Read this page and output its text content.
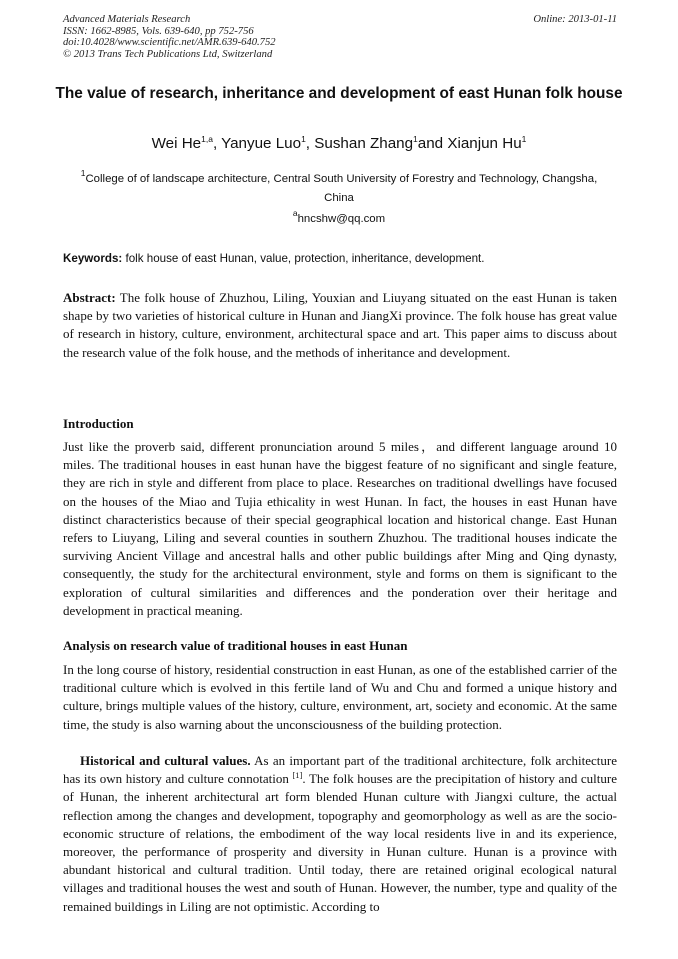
Advanced Materials Research
ISSN: 1662-8985, Vols. 639-640, pp 752-756
doi:10.4028/www.scientific.net/AMR.639-640.752
© 2013 Trans Tech Publications Ltd, Switzerland
Online: 2013-01-11
The value of research, inheritance and development of east Hunan folk house
Wei He$^{1,a}$, Yanyue Luo$^1$, Sushan Zhang$^1$and Xianjun Hu$^1$
$^1$College of of landscape architecture, Central South University of Forestry and Technology, Changsha, China
$^a$hncshw@qq.com
Keywords: folk house of east Hunan, value, protection, inheritance, development.
Abstract: The folk house of Zhuzhou, Liling, Youxian and Liuyang situated on the east Hunan is taken shape by two varieties of historical culture in Hunan and JiangXi province. The folk house has great value of research in history, culture, environment, architectural space and art. This paper aims to discuss about the research value of the folk house, and the methods of inheritance and development.
Introduction
Just like the proverb said, different pronunciation around 5 miles，and different language around 10 miles. The traditional houses in east hunan have the biggest feature of no significant and single feature, they are rich in style and different from place to place. Researches on traditional dwellings have focused on the houses of the Miao and Tujia ethicality in west Hunan. In fact, the houses in east Hunan have distinct characteristics because of their special geographical location and historical change. East Hunan refers to Liuyang, Liling and several counties in southern Zhuzhou. The traditional houses indicate the surviving Ancient Village and ancestral halls and other public buildings after Ming and Qing dynasty, consequently, the study for the architectural environment, style and forms on them is significant to the exploration of cultural similarities and differences and the ponderation over their heritage and development in practical meaning.
Analysis on research value of traditional houses in east Hunan
In the long course of history, residential construction in east Hunan, as one of the established carrier of the traditional culture which is evolved in this fertile land of Wu and Chu and formed a unique history and culture, brings multiple values of the history, culture, environment, art, society and economic. At the same time, the study is also warning about the unconsciousness of the building protection.
Historical and cultural values. As an important part of the traditional architecture, folk architecture has its own history and culture connotation [1]. The folk houses are the precipitation of history and culture of Hunan, the inherent architectural art form blended Hunan culture with Jiangxi culture, the actual reflection among the changes and development, topography and geomorphology as well as are the socio-economic structure of relations, the embodiment of the way local residents live in and its experience, moreover, the performance of prosperity and diversity in Hunan culture. Hunan is a province with abundant historical and cultural tradition. Until today, there are retained original ecological natural villages and traditional houses the west and south of Hunan. However, the number, type and quality of the remained buildings in Liling are not optimistic. According to
